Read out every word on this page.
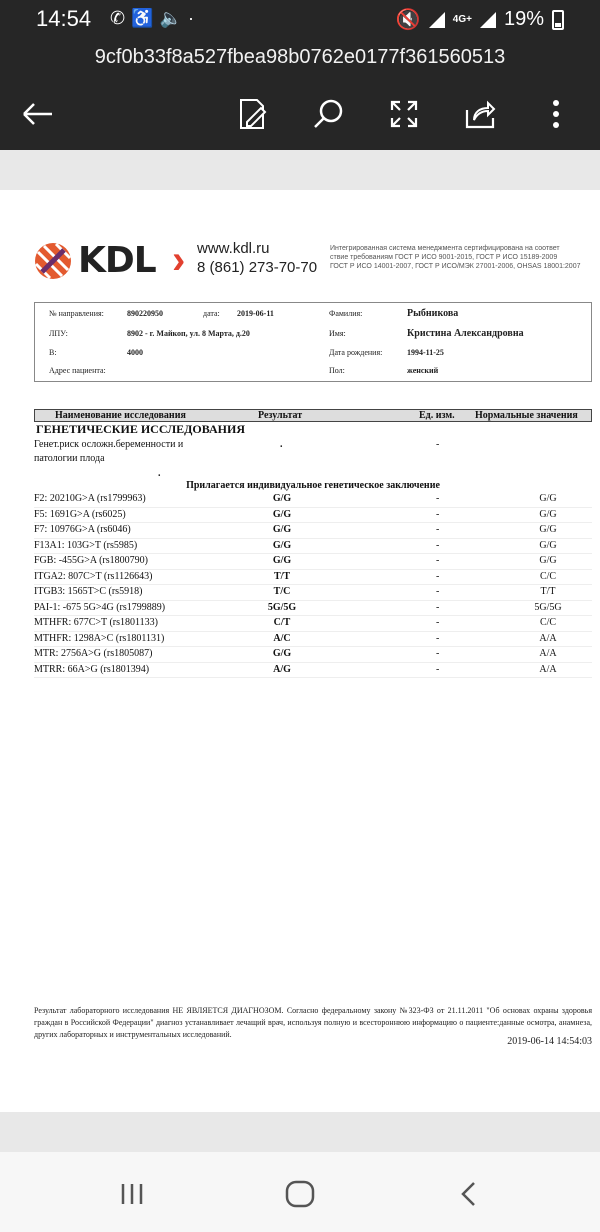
14:54 ✆♿🔈·	🔇	4G+ 19%
9cf0b33f8a527fbea98b0762e0177f361560513
KDL › www.kdl.ru
8 (861) 273-70-70
Интегрированная система менеджмента сертифицирована на соответ
ствие требованиям ГОСТ Р ИСО 9001-2015, ГОСТ Р ИСО 15189-2009
ГОСТ Р ИСО 14001-2007, ГОСТ Р ИСО/МЭК 27001-2006, OHSAS 18001:2007
№ направления:	890220950	дата: 2019-06-11
ЛПУ:	8902 - г. Майкоп, ул. 8 Марта, д.20
В:	4000
Адрес пациента:
Фамилия:	Рыбникова
Имя:	Кристина Александровна
Дата рождения:	1994-11-25
Пол:	женский
Наименование исследования	Результат	Ед. изм. Нормальные значения
ГЕНЕТИЧЕСКИЕ ИССЛЕДОВАНИЯ
Генет.риск осложн.беременности и
патологии плода
.	-
.
Прилагается индивидуальное генетическое заключение
F2: 20210G>A (rs1799963)	G/G	-	G/G
F5: 1691G>A (rs6025)	G/G	-	G/G
F7: 10976G>A (rs6046)	G/G	-	G/G
F13A1: 103G>T (rs5985)	G/G	-	G/G
FGB: -455G>A (rs1800790)	G/G	-	G/G
ITGA2: 807C>T (rs1126643)	T/T	-	C/C
ITGB3: 1565T>C (rs5918)	T/C	-	T/T
PAI-1: -675 5G>4G (rs1799889)	5G/5G	-	5G/5G
MTHFR: 677C>T (rs1801133)	C/T	-	C/C
MTHFR: 1298A>C (rs1801131)	A/C	-	A/A
MTR: 2756A>G (rs1805087)	G/G	-	A/A
MTRR: 66A>G (rs1801394)	A/G	-	A/A
Результат лабораторного исследования НЕ ЯВЛЯЕТСЯ ДИАГНОЗОМ. Согласно федеральному закону №323-ФЗ от 21.11.2011 "Об основах охраны здоровья граждан в Российской Федерации" диагноз устанавливает лечащий врач, используя полную и всестороннюю информацию о пациенте:данные осмотра, анамнеза, других лабораторных и инструментальных исследований.
2019-06-14 14:54:03
